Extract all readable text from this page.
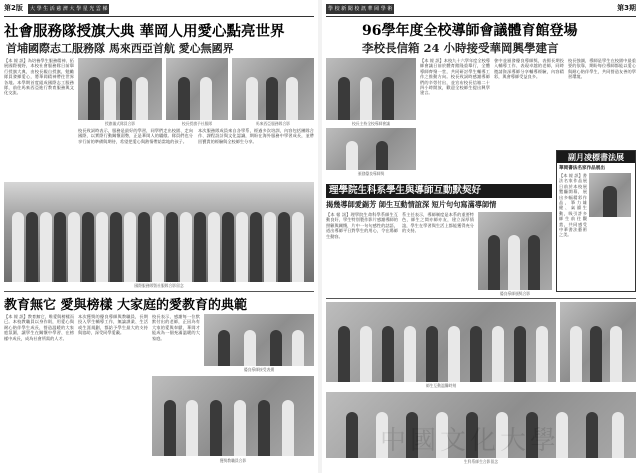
大 學 生 活 慈 濟 大 學 星 光 雲 梯
第2版
社會服務隊授旗大典 華岡人用愛心點亮世界
首埔國際志工服務隊 馬來西亞首航 愛心無國界
【本 報 訊】為培養學生服務精神、拓展國際視野，本校社會服務隊日前舉行授旗大典，由校長親自授旗，勉勵隊員發揮愛心，將華岡精神帶往世界各地。本學期首度組成國際志工服務隊，前往馬來西亞進行教育服務與文化交流。
授旗儀式隊員合影	校長授旗予社服隊	馬來西亞服務隊合影
校長致詞時表示，服務是最好的學習，同學們走出校園、走向國際，以實際行動關懷弱勢，正是華岡人的驕傲。隊員們也分享行前的準備與期待，希望把愛心與熱情帶給當地的孩子。
本次服務隊成員來自各學系，經過多次培訓，內容包括團隊合作、課程設計與文化認識，期盼在海外服務中學習成長，並帶回寶貴的經驗與全校師生分享。
國際服務隊暨社服隊合影留念
教育無它 愛與榜樣 大家庭的愛教育的典範
【本 報 訊】教育無它，唯愛與榜樣而已。本校教職員以身作則，用愛心與耐心陪伴學生成長，營造溫暖的大家庭氛圍，讓學生在關懷中學習、在榜樣中成長，成為社會所需的人才。
本次獲獎的優良導師與教職員，長期投入學生輔導工作，無論課業、生活或生涯規劃，都給予學生最大的支持與協助，深受同學愛戴。
校長表示，感謝每一位默默付出的老師，正因為有大家的愛與奉獻，華岡才能成為一個充滿溫暖的大家庭。
優良導師接受表揚
獲獎教職員合影
學 校 新 聞 校 訊 華 岡 學 術	第3期
96學年度全校導師會議體育館登場
李校長信箱 24 小時接受華岡興學建言
校長主持全校導師會議
【本 報 訊】本校九十六學年度全校導師會議日前於體育館隆重舉行，全體導師齊聚一堂，共同研討學生輔導工作之推動方向。校長致詞時感謝導師們的辛勞付出，並宣布校長信箱二十四小時開放，歡迎全校師生提出興學建言。
會中並頒發優良導師獎，表揚長期投入輔導工作、表現卓越的老師，同時邀請資深導師分享輔導經驗，內容精彩，與會導師受益良多。
校長強調，導師是學生在校園中最重要的依靠，期盼每位導師都能以愛心與耐心陪伴學生，共同營造友善的學習環境。
頒發優良導師獎
理學院生科系學生與導師互動默契好
揭幾導師愛錫芳 師生互動情誼深 短片句句寫滿導師情
【本 報 訊】理學院生命科學系師生互動良好，學生特別製作影片感謝導師的照顧與關懷，片中一句句感性的話語，道出導師平日對學生的用心，令在場師生動容。
系主任表示，導師制度是本系的重要特色，師生之間亦師亦友，建立深厚情誼，學生在學習與生活上都能獲得充分的支持。
優良導師頒獎合影
副月凌標書法展
華岡書法名家作品展出
【本 報 訊】書法名家作品展日前於本校展覽廳開幕，展出多幅精彩作品，筆力雄健、氣韻生動，吸引許多師生前往觀賞，共同感受中華書法藝術之美。
師生互動溫馨時刻
生科系師生合影留念
中國文化大學
